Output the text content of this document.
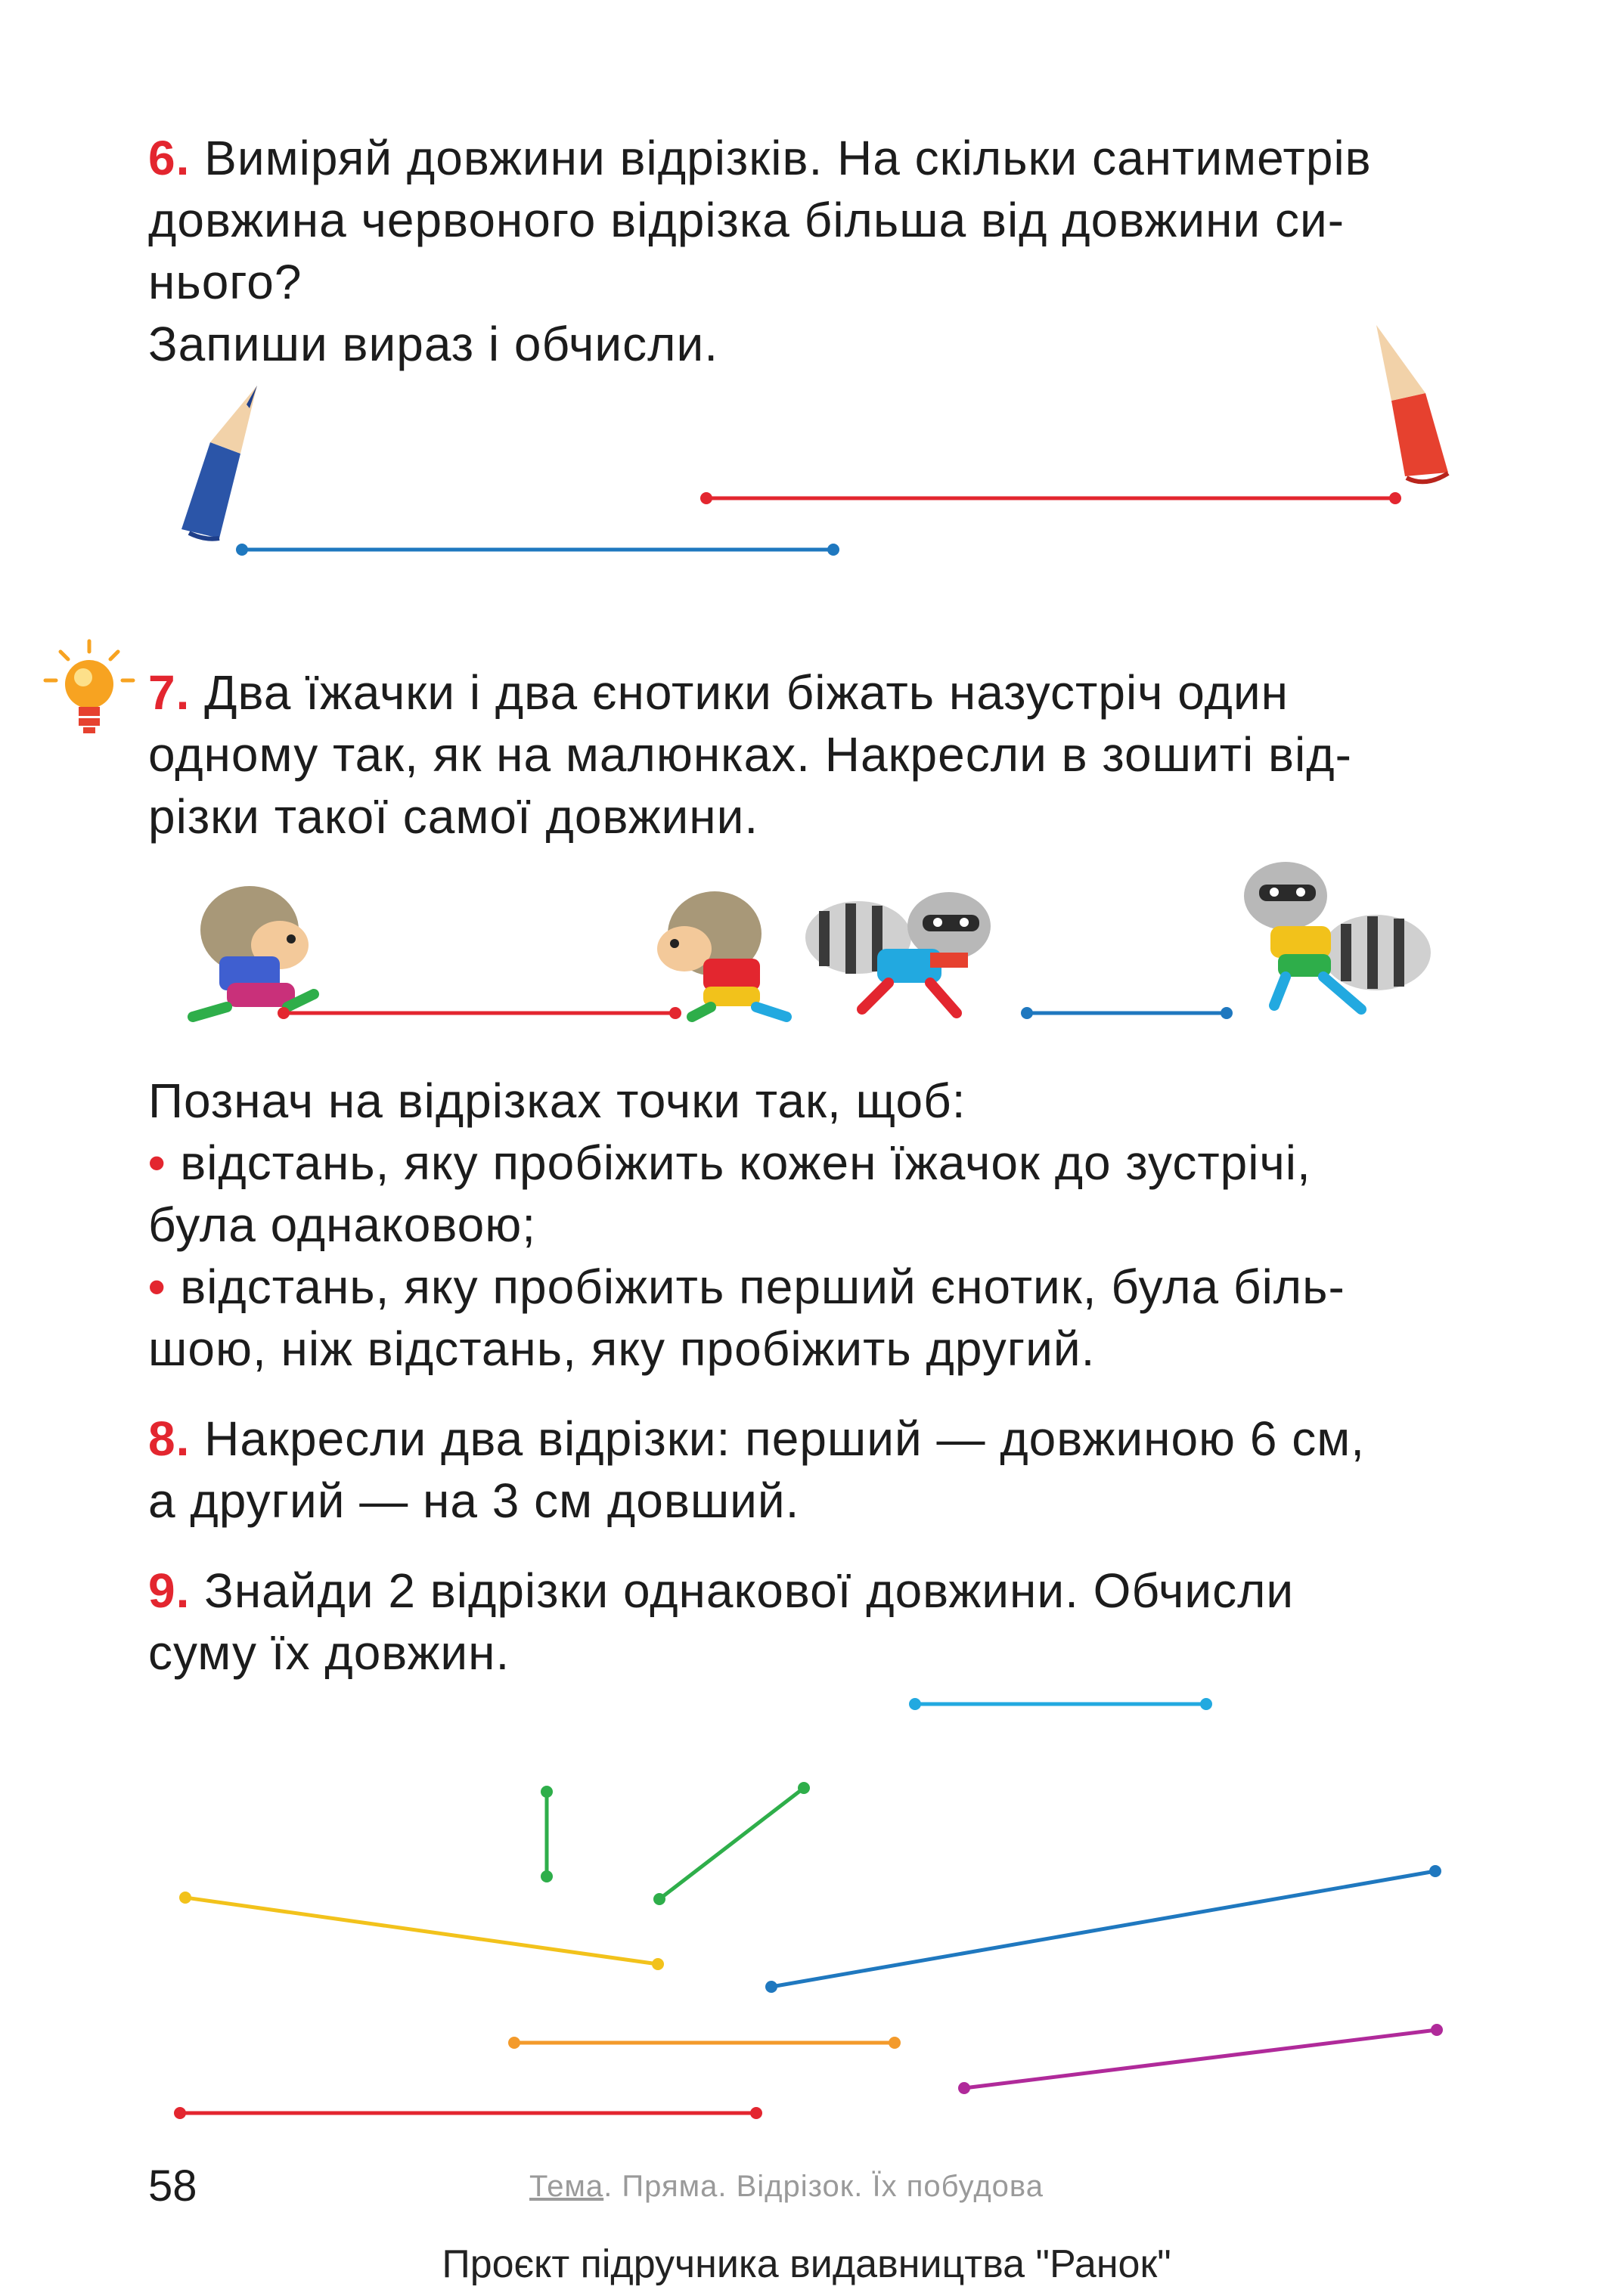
6. Виміряй довжини відрізків. На скільки сантиметрів
довжина червоного відрізка більша від довжини си-
нього?
Запиши вираз і обчисли.

7. Два їжачки і два єнотики біжать назустріч один
одному так, як на малюнках. Накресли в зошиті від-
різки такої самої довжини.

Познач на відрізках точки так, щоб:
• відстань, яку пробіжить кожен їжачок до зустрічі,
була однаковою;
• відстань, яку пробіжить перший єнотик, була біль-
шою, ніж відстань, яку пробіжить другий.

8. Накресли два відрізки: перший — довжиною 6 см,
а другий — на 3 см довший.

9. Знайди 2 відрізки однакової довжини. Обчисли
суму їх довжин.

58	Тема. Пряма. Відрізок. Їх побудова
Проєкт підручника видавництва "Ранок"
